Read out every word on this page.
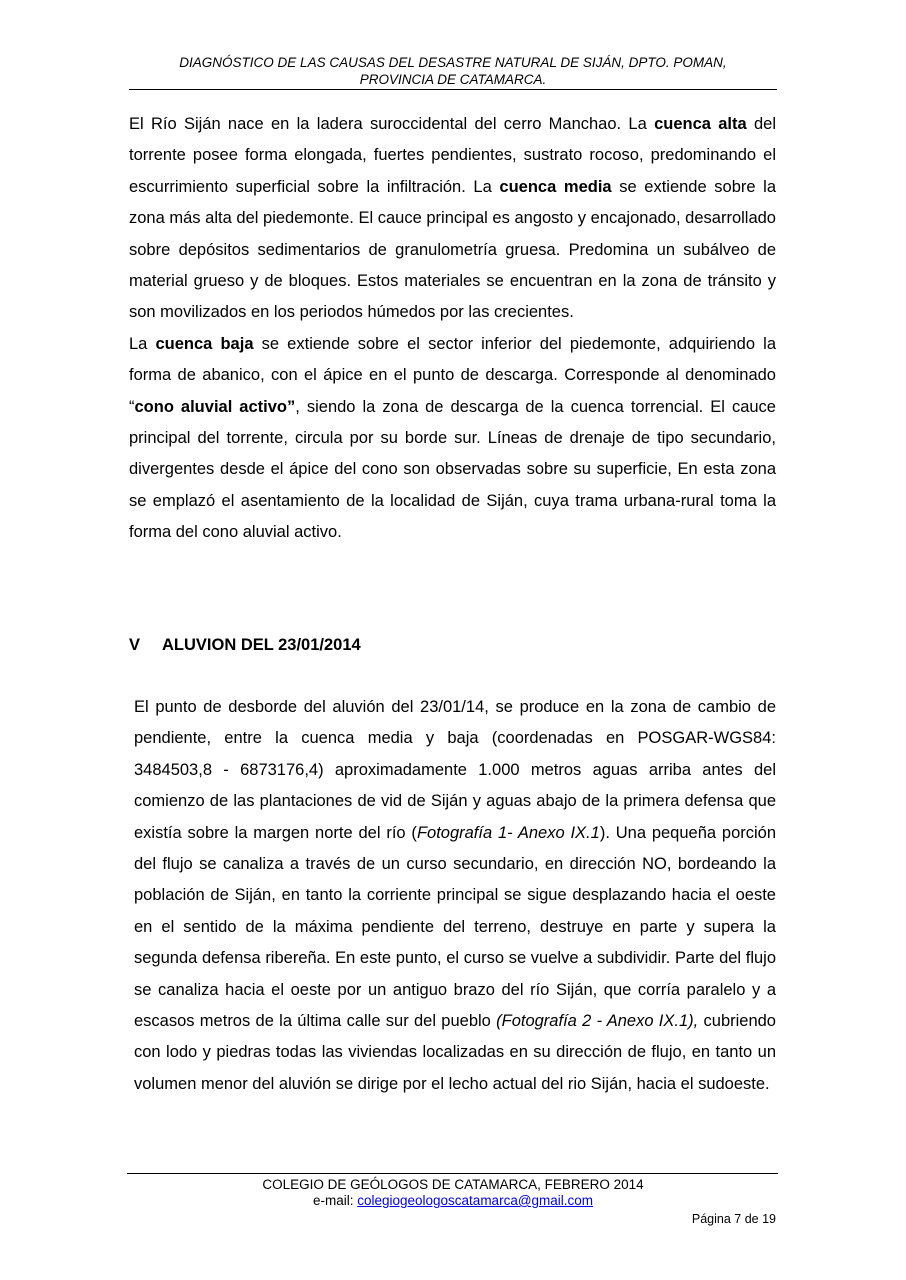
DIAGNÓSTICO DE LAS CAUSAS DEL DESASTRE NATURAL DE SIJÁN, DPTO. POMAN,
PROVINCIA DE CATAMARCA.

El Río Siján nace en la ladera suroccidental del cerro Manchao. La cuenca alta del torrente posee forma elongada, fuertes pendientes, sustrato rocoso, predominando el escurrimiento superficial sobre la infiltración. La cuenca media se extiende sobre la zona más alta del piedemonte. El cauce principal es angosto y encajonado, desarrollado sobre depósitos sedimentarios de granulometría gruesa. Predomina un subálveo de material grueso y de bloques. Estos materiales se encuentran en la zona de tránsito y son movilizados en los periodos húmedos por las crecientes.

La cuenca baja se extiende sobre el sector inferior del piedemonte, adquiriendo la forma de abanico, con el ápice en el punto de descarga. Corresponde al denominado “cono aluvial activo”, siendo la zona de descarga de la cuenca torrencial. El cauce principal del torrente, circula por su borde sur. Líneas de drenaje de tipo secundario, divergentes desde el ápice del cono son observadas sobre su superficie, En esta zona se emplazó el asentamiento de la localidad de Siján, cuya trama urbana-rural toma la forma del cono aluvial activo.

V ALUVION DEL 23/01/2014

El punto de desborde del aluvión del 23/01/14, se produce en la zona de cambio de pendiente, entre la cuenca media y baja (coordenadas en POSGAR-WGS84: 3484503,8 - 6873176,4) aproximadamente 1.000 metros aguas arriba antes del comienzo de las plantaciones de vid de Siján y aguas abajo de la primera defensa que existía sobre la margen norte del río (Fotografía 1- Anexo IX.1). Una pequeña porción del flujo se canaliza a través de un curso secundario, en dirección NO, bordeando la población de Siján, en tanto la corriente principal se sigue desplazando hacia el oeste en el sentido de la máxima pendiente del terreno, destruye en parte y supera la segunda defensa ribereña. En este punto, el curso se vuelve a subdividir. Parte del flujo se canaliza hacia el oeste por un antiguo brazo del río Siján, que corría paralelo y a escasos metros de la última calle sur del pueblo (Fotografía 2 - Anexo IX.1), cubriendo con lodo y piedras todas las viviendas localizadas en su dirección de flujo, en tanto un volumen menor del aluvión se dirige por el lecho actual del rio Siján, hacia el sudoeste.

COLEGIO DE GEÓLOGOS DE CATAMARCA, FEBRERO 2014
e-mail: colegiogeologoscatamarca@gmail.com
Página 7 de 19
